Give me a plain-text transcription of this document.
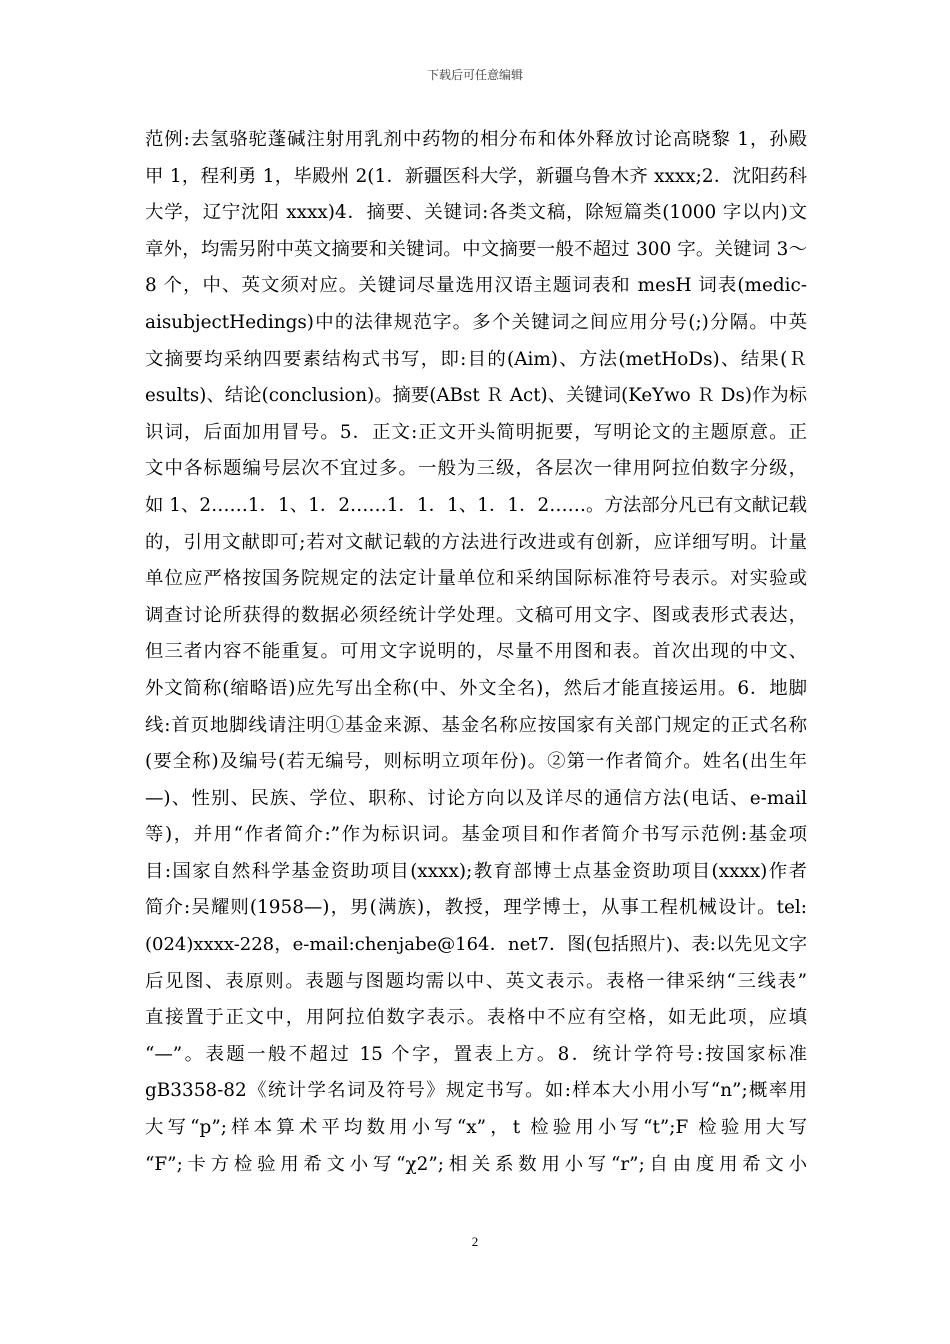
下载后可任意编辑
范例:去氢骆驼蓬碱注射用乳剂中药物的相分布和体外释放讨论高晓黎 1，孙殿
甲 1，程利勇 1，毕殿州 2(1．新疆医科大学，新疆乌鲁木齐 xxxx;2．沈阳药科
大学，辽宁沈阳 xxxx)4．摘要、关键词:各类文稿，除短篇类(1000 字以内)文
章外，均需另附中英文摘要和关键词。中文摘要一般不超过 300 字。关键词 3～
8 个，中、英文须对应。关键词尽量选用汉语主题词表和 mesH 词表(medic-
aisubjectHedings)中的法律规范字。多个关键词之间应用分号(;)分隔。中英
文摘要均采纳四要素结构式书写，即:目的(Aim)、方法(metHoDs)、结果(Ｒ
esults)、结论(conclusion)。摘要(ABst Ｒ Act)、关键词(KeYwo Ｒ Ds)作为标
识词，后面加用冒号。5．正文:正文开头简明扼要，写明论文的主题原意。正
文中各标题编号层次不宜过多。一般为三级，各层次一律用阿拉伯数字分级，
如 1、2……1．1、1．2……1．1．1、1．1．2……。方法部分凡已有文献记载
的，引用文献即可;若对文献记载的方法进行改进或有创新，应详细写明。计量
单位应严格按国务院规定的法定计量单位和采纳国际标准符号表示。对实验或
调查讨论所获得的数据必须经统计学处理。文稿可用文字、图或表形式表达，
但三者内容不能重复。可用文字说明的，尽量不用图和表。首次出现的中文、
外文简称(缩略语)应先写出全称(中、外文全名)，然后才能直接运用。6．地脚
线:首页地脚线请注明①基金来源、基金名称应按国家有关部门规定的正式名称
(要全称)及编号(若无编号，则标明立项年份)。②第一作者简介。姓名(出生年
—)、性别、民族、学位、职称、讨论方向以及详尽的通信方法(电话、e-mail
等)，并用“作者简介:”作为标识词。基金项目和作者简介书写示范例:基金项
目:国家自然科学基金资助项目(xxxx);教育部博士点基金资助项目(xxxx)作者
简介:吴耀则(1958—)，男(满族)，教授，理学博士，从事工程机械设计。tel:
(024)xxxx-228，e-mail:chenjabe@164．net7．图(包括照片)、表:以先见文字
后见图、表原则。表题与图题均需以中、英文表示。表格一律采纳“三线表”
直接置于正文中，用阿拉伯数字表示。表格中不应有空格，如无此项，应填
“—”。表题一般不超过 15 个字，置表上方。8．统计学符号:按国家标准
gB3358-82《统计学名词及符号》规定书写。如:样本大小用小写“n”;概率用
大写“p”;样本算术平均数用小写“x”，t 检验用小写“t”;F 检验用大写
“F”;卡方检验用希文小写“χ2”;相关系数用小写“r”;自由度用希文小
2
